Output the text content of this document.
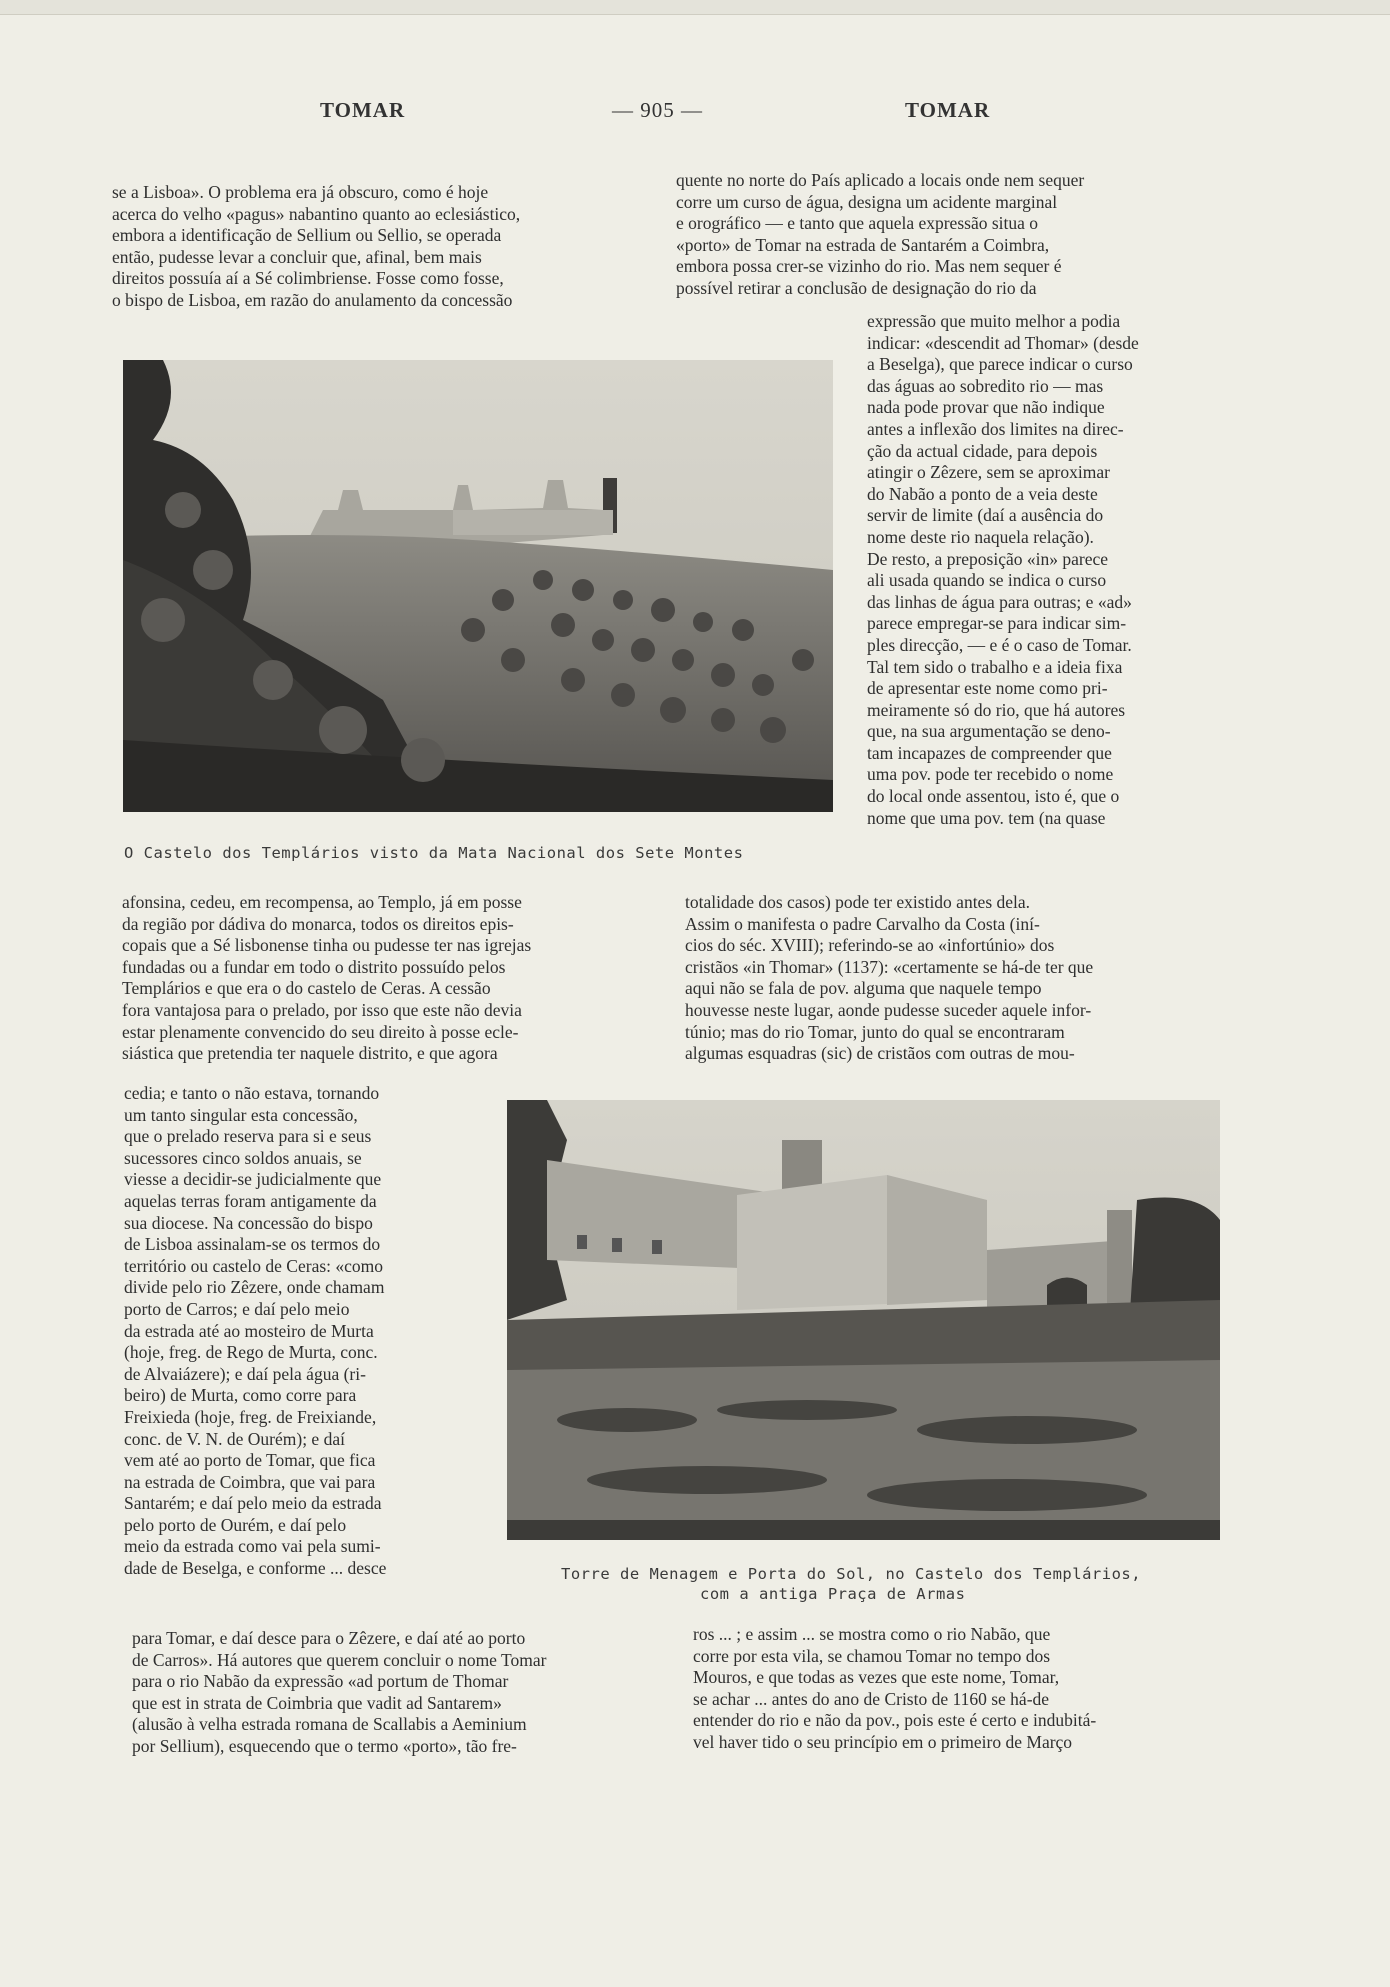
TOMAR	— 905 —	TOMAR
se a Lisboa». O problema era já obscuro, como é hoje
acerca do velho «pagus» nabantino quanto ao eclesiástico,
embora a identificação de Sellium ou Sellio, se operada
então, pudesse levar a concluir que, afinal, bem mais
direitos possuía aí a Sé colimbriense. Fosse como fosse,
o bispo de Lisboa, em razão do anulamento da concessão
quente no norte do País aplicado a locais onde nem sequer
corre um curso de água, designa um acidente marginal
e orográfico — e tanto que aquela expressão situa o
«porto» de Tomar na estrada de Santarém a Coimbra,
embora possa crer-se vizinho do rio. Mas nem sequer é
possível retirar a conclusão de designação do rio da
expressão que muito melhor a podia
indicar: «descendit ad Thomar» (desde
a Beselga), que parece indicar o curso
das águas ao sobredito rio — mas
nada pode provar que não indique
antes a inflexão dos limites na direc-
ção da actual cidade, para depois
atingir o Zêzere, sem se aproximar
do Nabão a ponto de a veia deste
servir de limite (daí a ausência do
nome deste rio naquela relação).
De resto, a preposição «in» parece
ali usada quando se indica o curso
das linhas de água para outras; e «ad»
parece empregar-se para indicar sim-
ples direcção, — e é o caso de Tomar.
Tal tem sido o trabalho e a ideia fixa
de apresentar este nome como pri-
meiramente só do rio, que há autores
que, na sua argumentação se deno-
tam incapazes de compreender que
uma pov. pode ter recebido o nome
do local onde assentou, isto é, que o
nome que uma pov. tem (na quase
O Castelo dos Templários visto da Mata Nacional dos Sete Montes
afonsina, cedeu, em recompensa, ao Templo, já em posse
da região por dádiva do monarca, todos os direitos epis-
copais que a Sé lisbonense tinha ou pudesse ter nas igrejas
fundadas ou a fundar em todo o distrito possuído pelos
Templários e que era o do castelo de Ceras. A cessão
fora vantajosa para o prelado, por isso que este não devia
estar plenamente convencido do seu direito à posse ecle-
siástica que pretendia ter naquele distrito, e que agora
totalidade dos casos) pode ter existido antes dela.
Assim o manifesta o padre Carvalho da Costa (iní-
cios do séc. XVIII); referindo-se ao «infortúnio» dos
cristãos «in Thomar» (1137): «certamente se há-de ter que
aqui não se fala de pov. alguma que naquele tempo
houvesse neste lugar, aonde pudesse suceder aquele infor-
túnio; mas do rio Tomar, junto do qual se encontraram
algumas esquadras (sic) de cristãos com outras de mou-
cedia; e tanto o não estava, tornando
um tanto singular esta concessão,
que o prelado reserva para si e seus
sucessores cinco soldos anuais, se
viesse a decidir-se judicialmente que
aquelas terras foram antigamente da
sua diocese. Na concessão do bispo
de Lisboa assinalam-se os termos do
território ou castelo de Ceras: «como
divide pelo rio Zêzere, onde chamam
porto de Carros; e daí pelo meio
da estrada até ao mosteiro de Murta
(hoje, freg. de Rego de Murta, conc.
de Alvaiázere); e daí pela água (ri-
beiro) de Murta, como corre para
Freixieda (hoje, freg. de Freixiande,
conc. de V. N. de Ourém); e daí
vem até ao porto de Tomar, que fica
na estrada de Coimbra, que vai para
Santarém; e daí pelo meio da estrada
pelo porto de Ourém, e daí pelo
meio da estrada como vai pela sumi-
dade de Beselga, e conforme ... desce	Torre de Menagem e Porta do Sol, no Castelo dos Templários,
com a antiga Praça de Armas
para Tomar, e daí desce para o Zêzere, e daí até ao porto
de Carros». Há autores que querem concluir o nome Tomar
para o rio Nabão da expressão «ad portum de Thomar
que est in strata de Coimbria que vadit ad Santarem»
(alusão à velha estrada romana de Scallabis a Aeminium
por Sellium), esquecendo que o termo «porto», tão fre-
ros ... ; e assim ... se mostra como o rio Nabão, que
corre por esta vila, se chamou Tomar no tempo dos
Mouros, e que todas as vezes que este nome, Tomar,
se achar ... antes do ano de Cristo de 1160 se há-de
entender do rio e não da pov., pois este é certo e indubitá-
vel haver tido o seu princípio em o primeiro de Março
